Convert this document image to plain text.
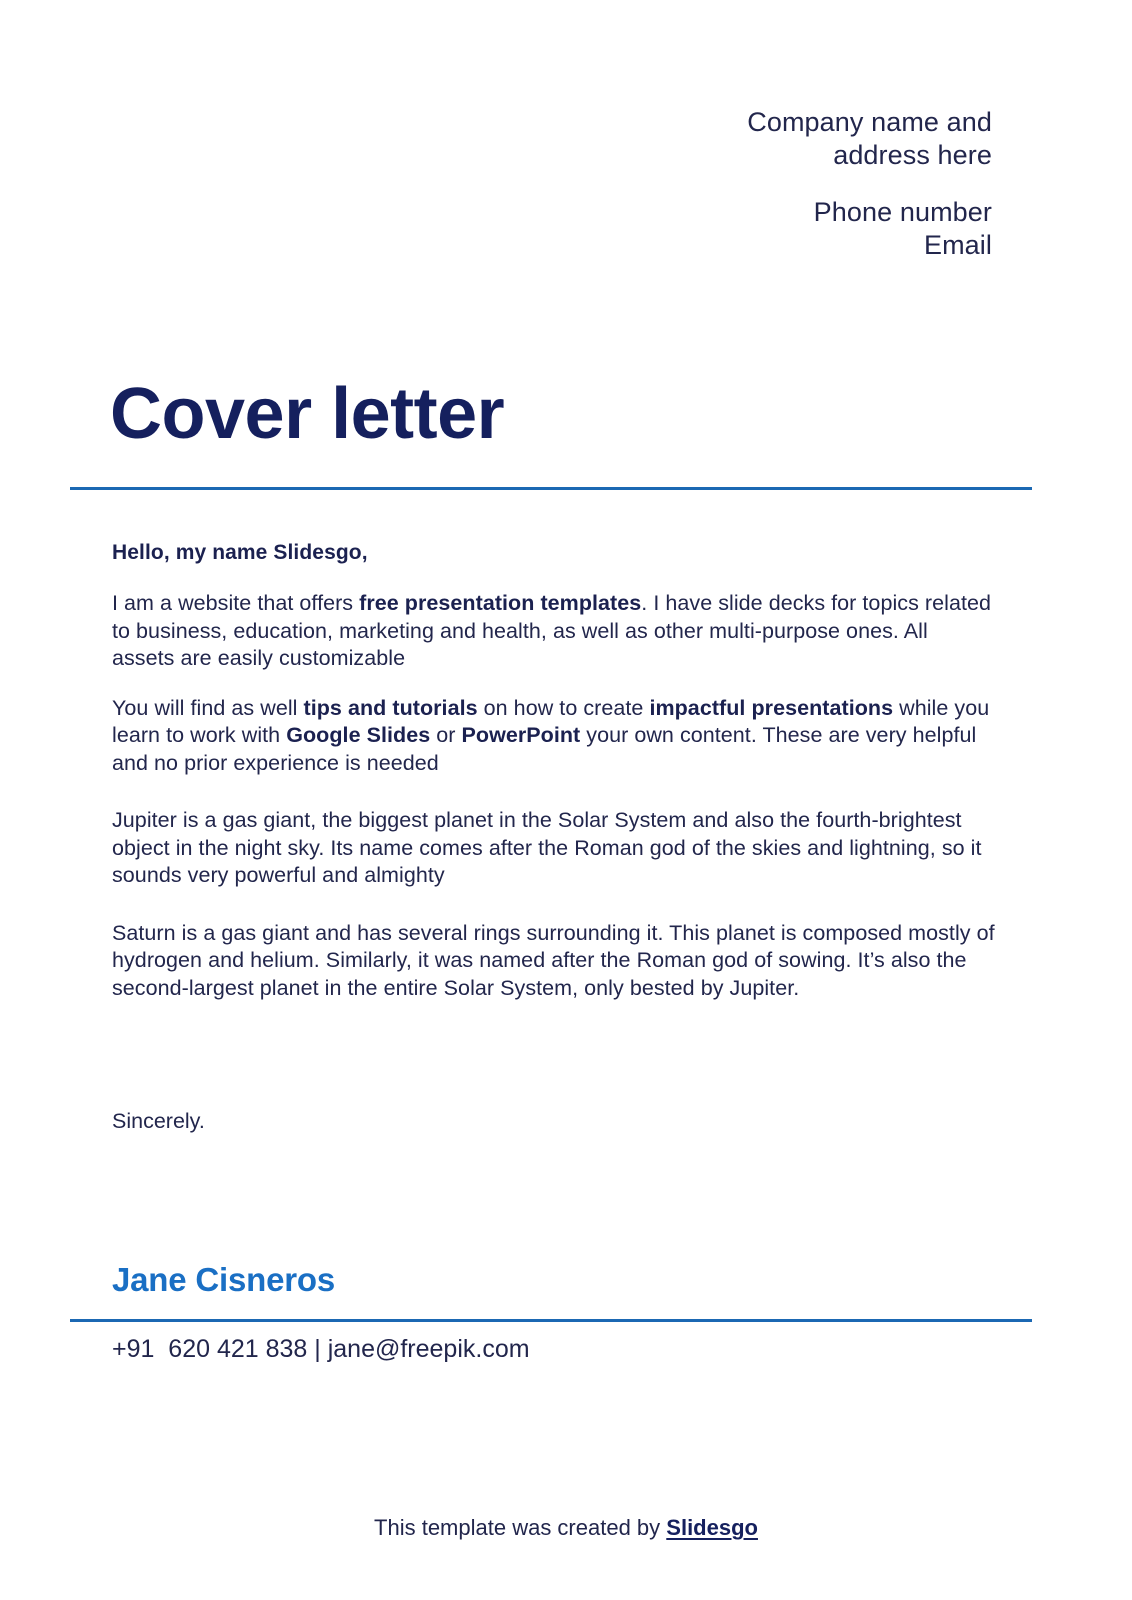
Company name and
address here
Phone number
Email
Cover letter
Hello, my name Slidesgo,

I am a website that offers free presentation templates. I have slide decks for topics related to business, education, marketing and health, as well as other multi-purpose ones. All assets are easily customizable

You will find as well tips and tutorials on how to create impactful presentations while you learn to work with Google Slides or PowerPoint your own content. These are very helpful and no prior experience is needed

Jupiter is a gas giant, the biggest planet in the Solar System and also the fourth-brightest object in the night sky. Its name comes after the Roman god of the skies and lightning, so it sounds very powerful and almighty

Saturn is a gas giant and has several rings surrounding it. This planet is composed mostly of hydrogen and helium. Similarly, it was named after the Roman god of sowing. It’s also the second-largest planet in the entire Solar System, only bested by Jupiter.

Sincerely.

Jane Cisneros
+91  620 421 838 | jane@freepik.com
This template was created by Slidesgo
